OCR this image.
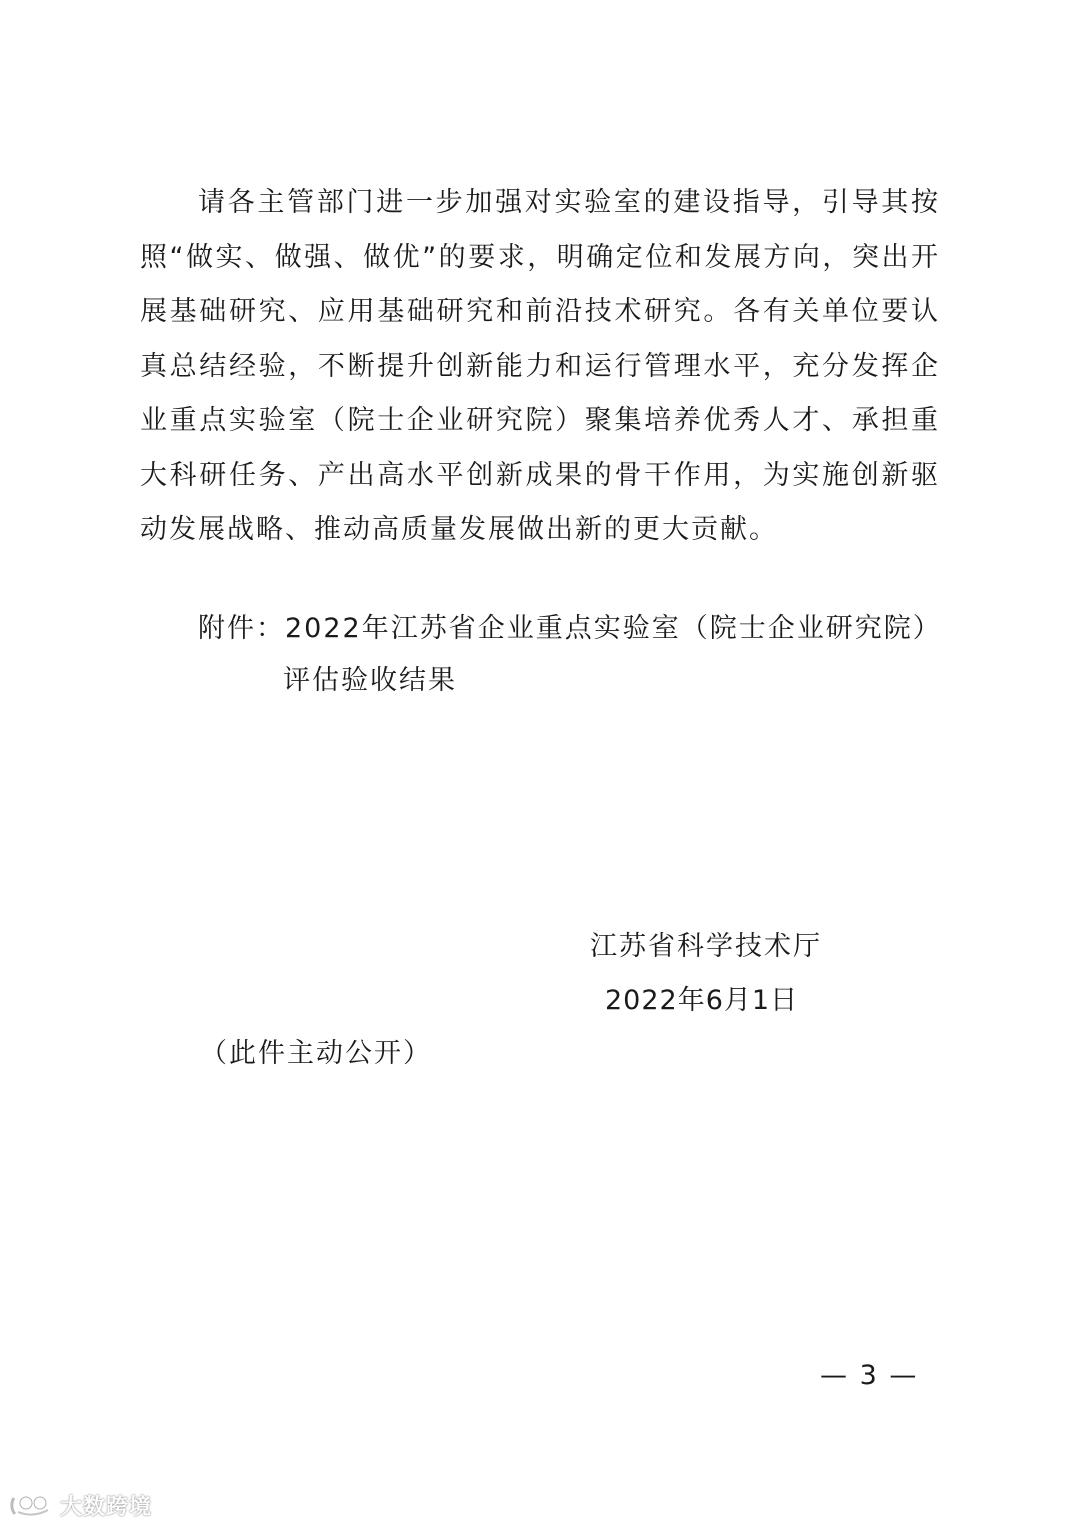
请各主管部门进一步加强对实验室的建设指导，引导其按照“做实、做强、做优”的要求，明确定位和发展方向，突出开展基础研究、应用基础研究和前沿技术研究。各有关单位要认真总结经验，不断提升创新能力和运行管理水平，充分发挥企业重点实验室（院士企业研究院）聚集培养优秀人才、承担重大科研任务、产出高水平创新成果的骨干作用，为实施创新驱动发展战略、推动高质量发展做出新的更大贡献。

附件：2022年江苏省企业重点实验室（院士企业研究院）
评估验收结果
江苏省科学技术厅
2022年6月1日
（此件主动公开）
— 3 —
大数跨境
